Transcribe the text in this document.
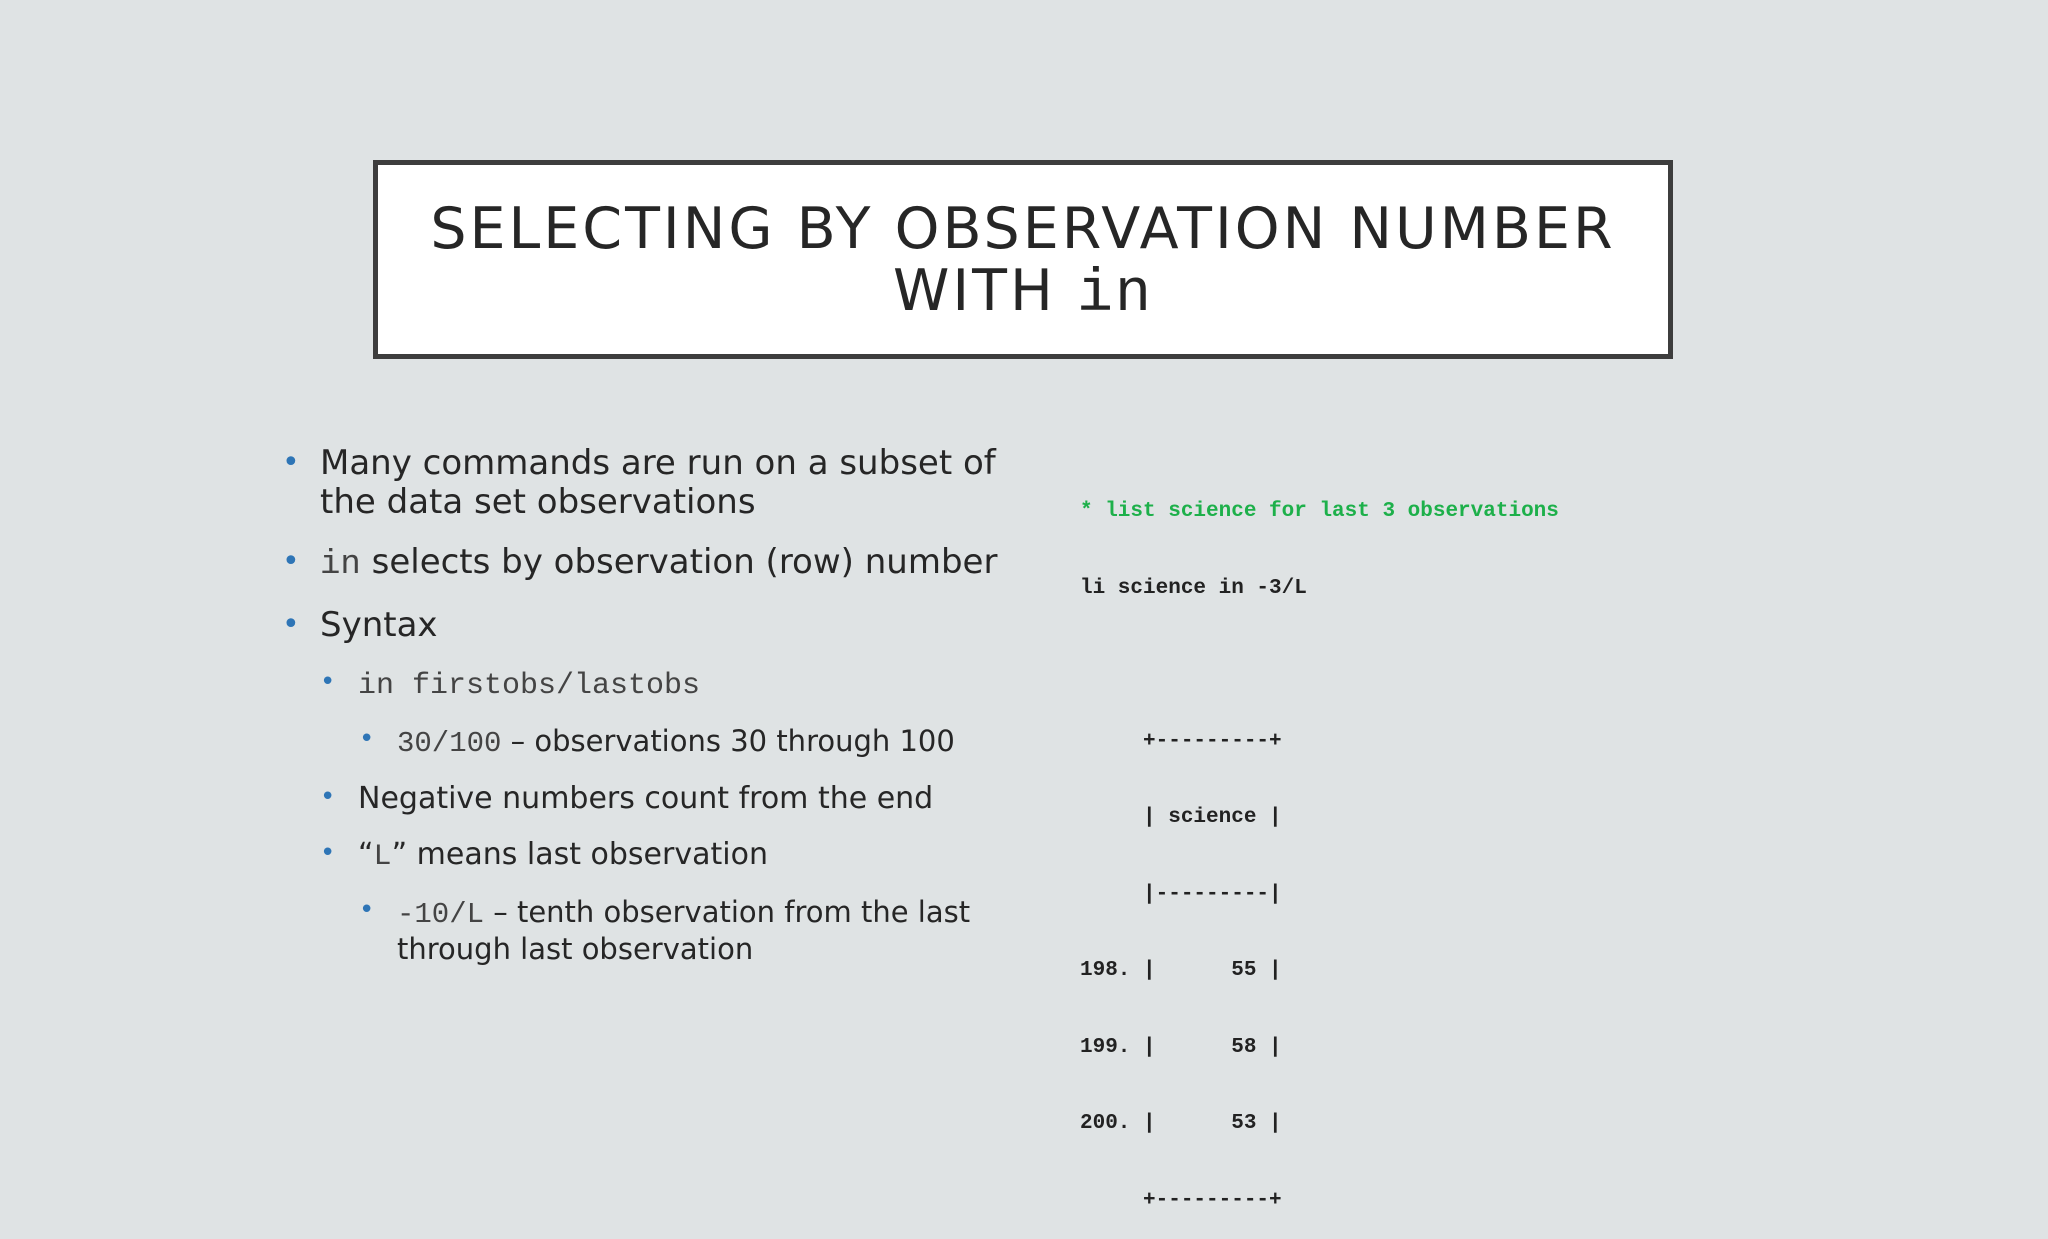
SELECTING BY OBSERVATION NUMBER
WITH in
• Many commands are run on a subset of the data set observations
• in selects by observation (row) number
• Syntax
• in firstobs/lastobs
• 30/100 – observations 30 through 100
• Negative numbers count from the end
• “L” means last observation
• -10/L – tenth observation from the last through last observation

* list science for last 3 observations

li science in -3/L

+---------+

| science |

|---------|

198. |      55 |

199. |      58 |

200. |      53 |

+---------+
